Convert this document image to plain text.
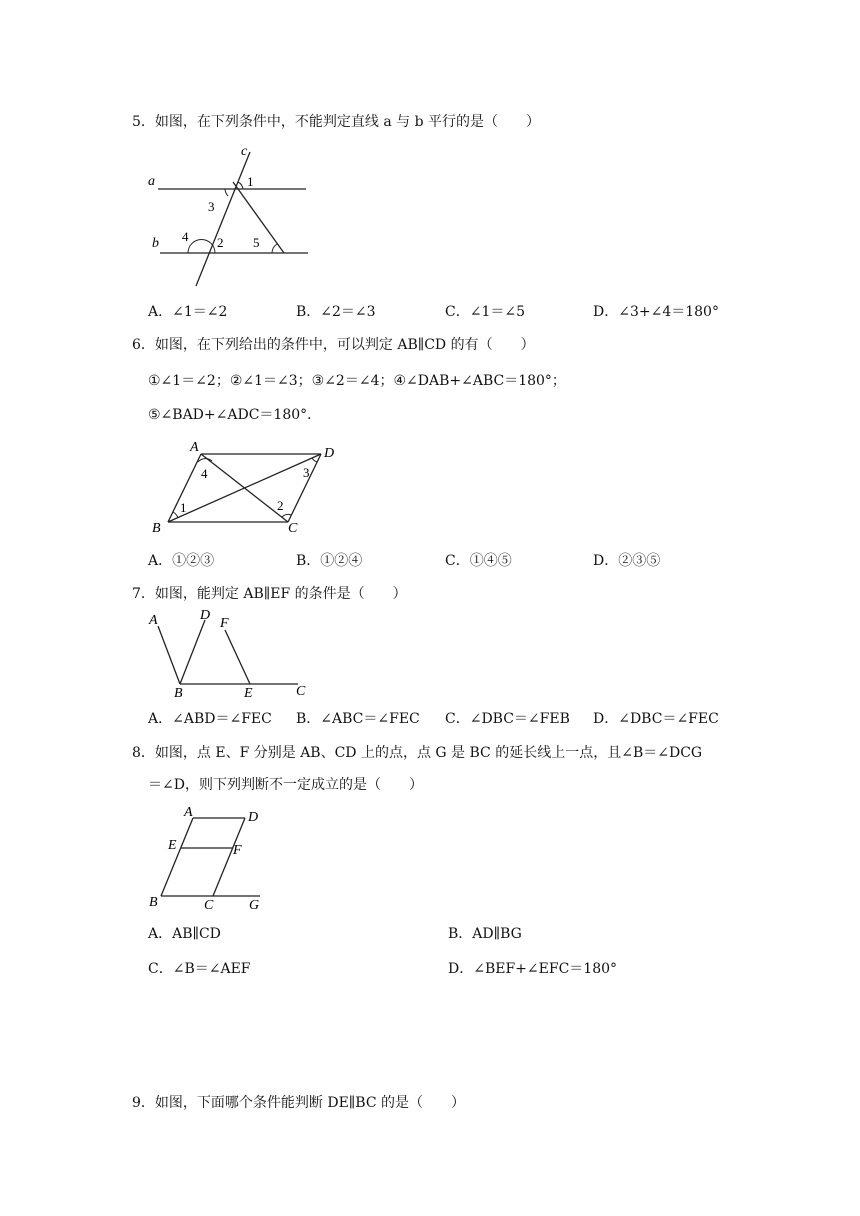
5．如图，在下列条件中，不能判定直线 a 与 b 平行的是（　　）
c
a
b
1
3
4 2 5
A．∠1＝∠2	B．∠2＝∠3	C．∠1＝∠5	D．∠3+∠4＝180°
6．如图，在下列给出的条件中，可以判定 AB∥CD 的有（　　）
①∠1＝∠2；②∠1＝∠3；③∠2＝∠4；④∠DAB+∠ABC＝180°；
⑤∠BAD+∠ADC＝180°．
A	D
B	C
4	3
1	2
A．①②③	B．①②④	C．①④⑤	D．②③⑤
7．如图，能判定 AB∥EF 的条件是（　　）
A	D
F
B	E	C
A．∠ABD＝∠FEC B．∠ABC＝∠FEC C．∠DBC＝∠FEB D．∠DBC＝∠FEC
8．如图，点 E、F 分别是 AB、CD 上的点，点 G 是 BC 的延长线上一点，且∠B＝∠DCG
＝∠D，则下列判断不一定成立的是（　　）
A	D
E	F
B	C	G
A．AB∥CD	B．AD∥BG
C．∠B＝∠AEF	D．∠BEF+∠EFC＝180°
9．如图，下面哪个条件能判断 DE∥BC 的是（　　）
